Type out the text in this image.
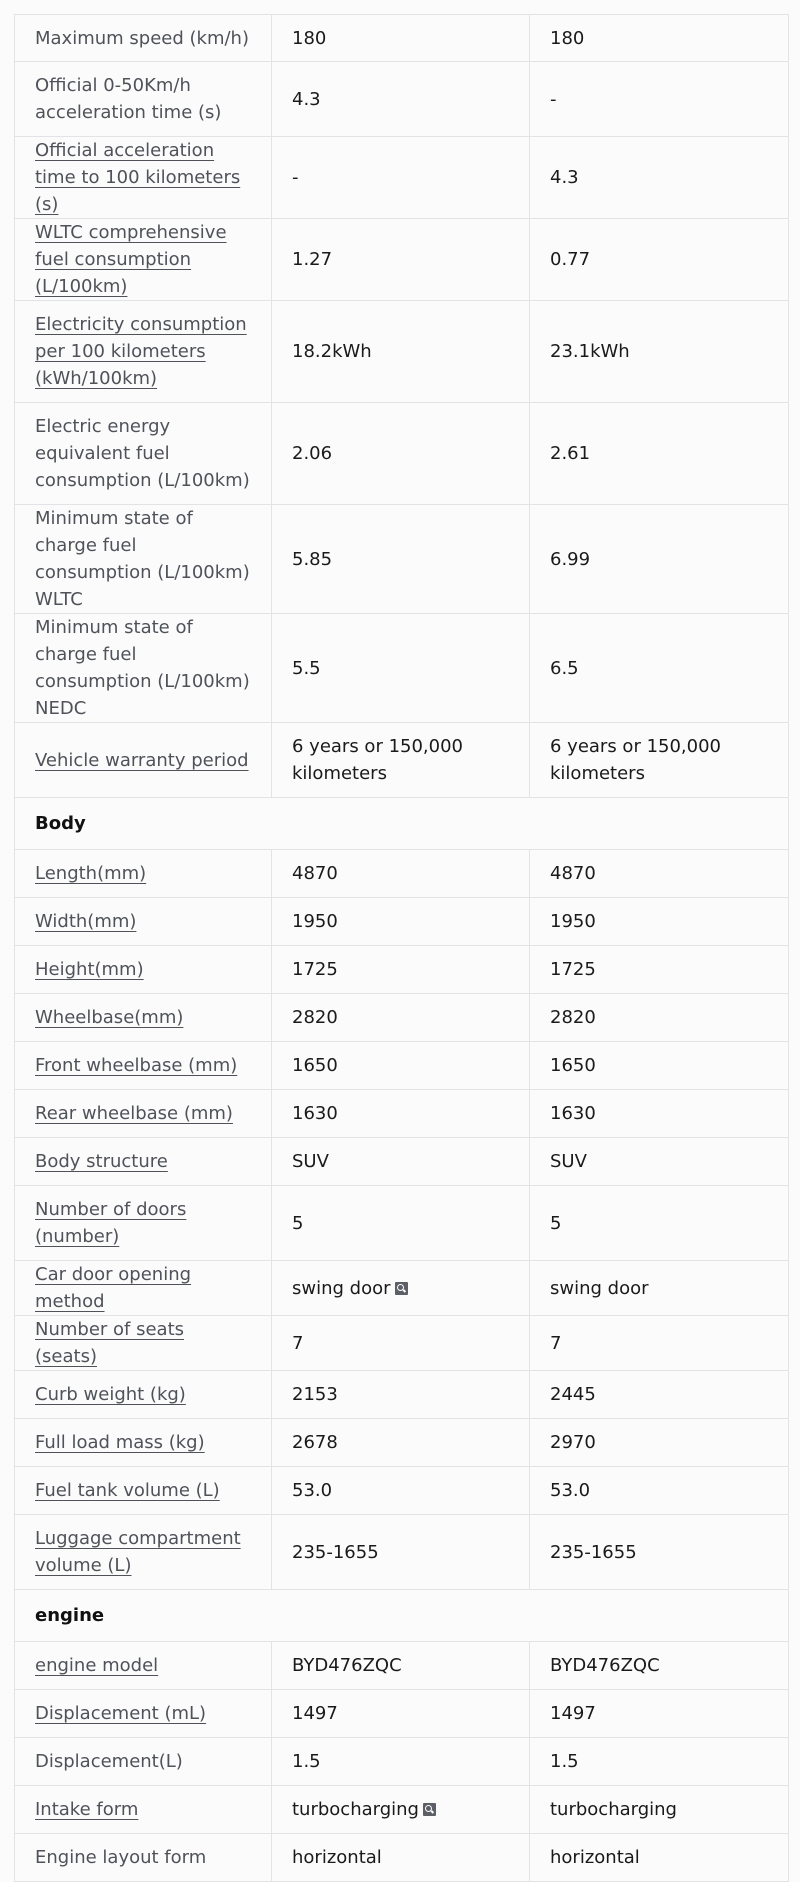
Maximum speed (km/h)	180	180
Official 0-50Km/h acceleration time (s)	4.3	-
Official acceleration time to 100 kilometers (s)	-	4.3
WLTC comprehensive fuel consumption (L/100km)	1.27	0.77
Electricity consumption per 100 kilometers (kWh/100km)	18.2kWh	23.1kWh
Electric energy equivalent fuel consumption (L/100km)	2.06	2.61
Minimum state of charge fuel consumption (L/100km) WLTC	5.85	6.99
Minimum state of charge fuel consumption (L/100km) NEDC	5.5	6.5
Vehicle warranty period	6 years or 150,000 kilometers	6 years or 150,000 kilometers
Body		
Length(mm)	4870	4870
Width(mm)	1950	1950
Height(mm)	1725	1725
Wheelbase(mm)	2820	2820
Front wheelbase (mm)	1650	1650
Rear wheelbase (mm)	1630	1630
Body structure	SUV	SUV
Number of doors (number)	5	5
Car door opening method	swing door	swing door
Number of seats (seats)	7	7
Curb weight (kg)	2153	2445
Full load mass (kg)	2678	2970
Fuel tank volume (L)	53.0	53.0
Luggage compartment volume (L)	235-1655	235-1655
engine		
engine model	BYD476ZQC	BYD476ZQC
Displacement (mL)	1497	1497
Displacement(L)	1.5	1.5
Intake form	turbocharging	turbocharging
Engine layout form	horizontal	horizontal
